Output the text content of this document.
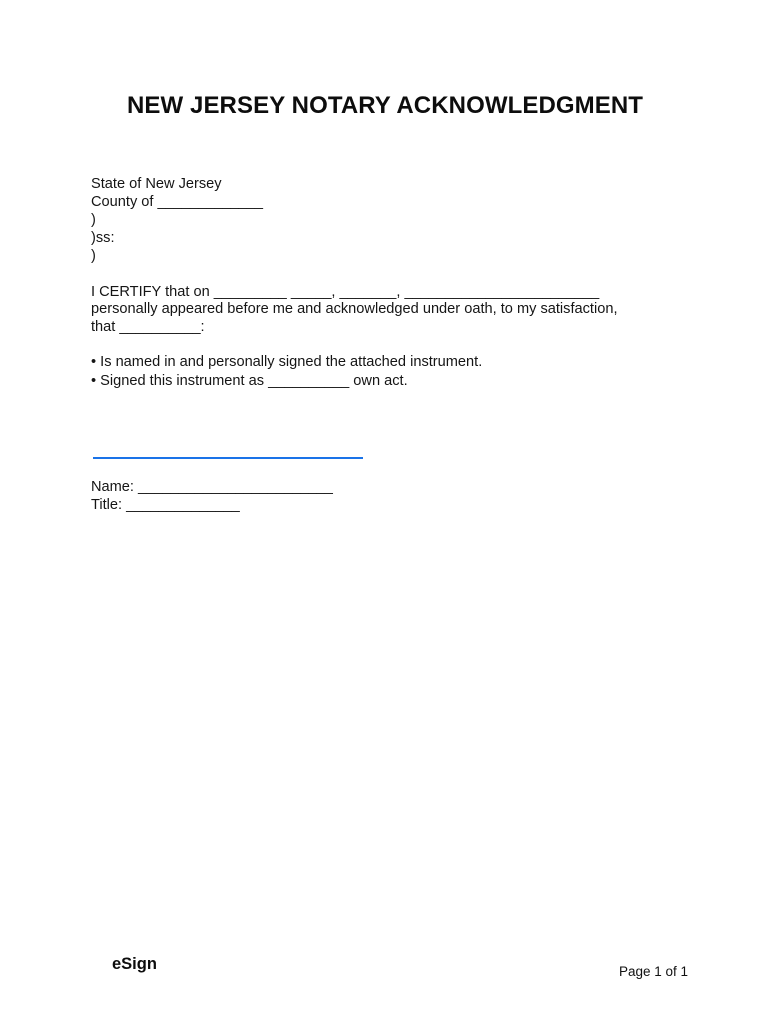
NEW JERSEY NOTARY ACKNOWLEDGMENT
State of New Jersey
County of _____________
)
)ss:
)
I CERTIFY that on _________ _____, _______, ________________________
personally appeared before me and acknowledged under oath, to my satisfaction,
that __________:
• Is named in and personally signed the attached instrument.
• Signed this instrument as __________ own act.
Name: ________________________
Title: ______________
eSign	Page 1 of 1
